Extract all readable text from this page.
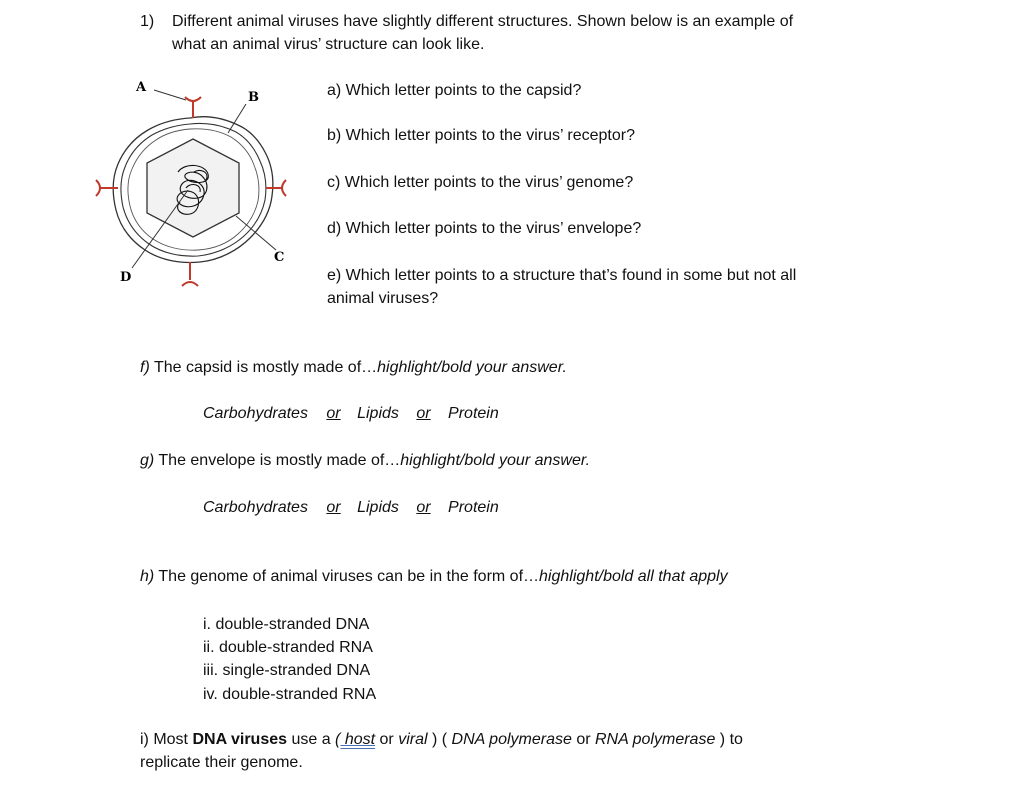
1) Different animal viruses have slightly different structures. Shown below is an example of
what an animal virus’ structure can look like.
A
B
C
D
a) Which letter points to the capsid?
b) Which letter points to the virus’ receptor?
c) Which letter points to the virus’ genome?
d) Which letter points to the virus’ envelope?
e) Which letter points to a structure that’s found in some but not all
animal viruses?
f) The capsid is mostly made of…highlight/bold your answer.
Carbohydrates or Lipids or Protein
g) The envelope is mostly made of…highlight/bold your answer.
Carbohydrates or Lipids or Protein
h) The genome of animal viruses can be in the form of…highlight/bold all that apply
i. double-stranded DNA
ii. double-stranded RNA
iii. single-stranded DNA
iv. double-stranded RNA
i) Most DNA viruses use a ( host or viral ) ( DNA polymerase or RNA polymerase ) to
replicate their genome.
